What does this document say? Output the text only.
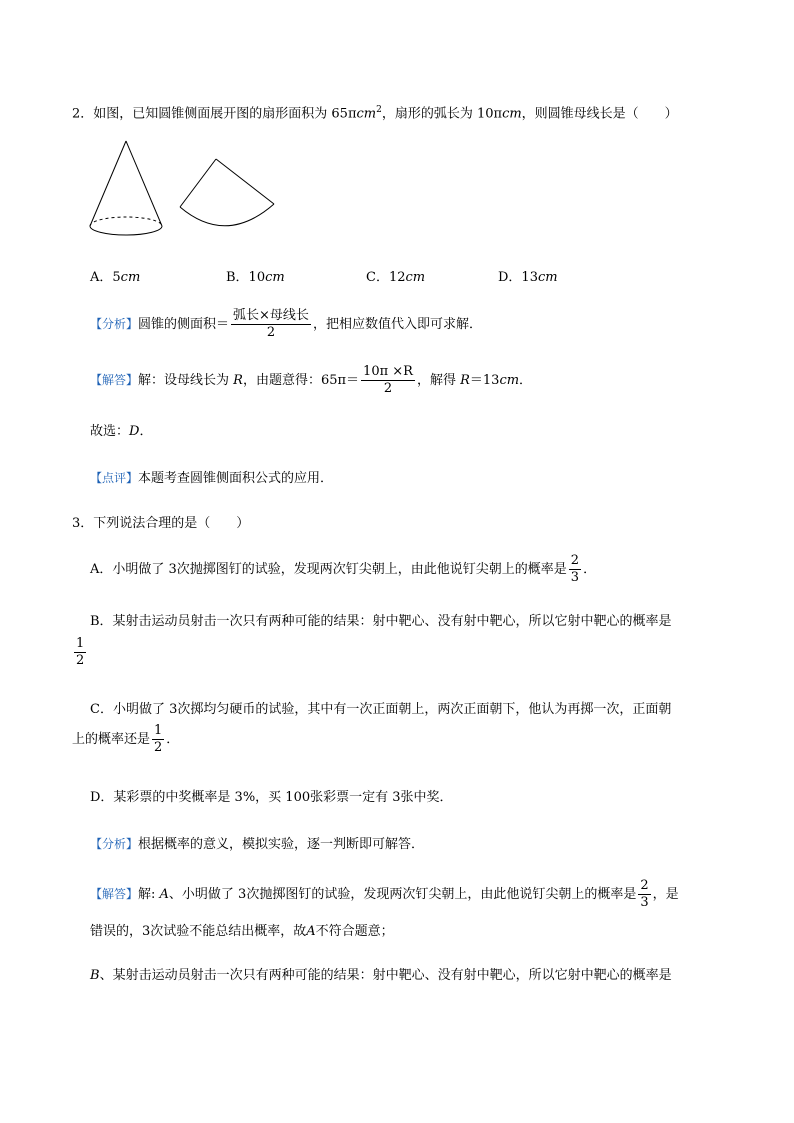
2．如图，已知圆锥侧面展开图的扇形面积为 65πcm$^2$，扇形的弧长为 10πcm，则圆锥母线长是（　　）
A．5cm	B．10cm	C．12cm	D．13cm
【分析】圆锥的侧面积＝ $\frac{\text{弧长×母线长}}{2}$ ，把相应数值代入即可求解．
【解答】解：设母线长为 R，由题意得：$65\pi= \frac{10\pi \times R}{2}$ ，解得 R＝13cm．
故选：D．
【点评】本题考查圆锥侧面积公式的应用．
3．下列说法合理的是（　　）
A．小明做了 3次抛掷图钉的试验，发现两次钉尖朝上，由此他说钉尖朝上的概率是 $\frac{2}{3}$ ．
B．某射击运动员射击一次只有两种可能的结果：射中靶心、没有射中靶心，所以它射中靶心的概率是
$\frac{1}{2}$
C．小明做了 3次掷均匀硬币的试验，其中有一次正面朝上，两次正面朝下，他认为再掷一次，正面朝
上的概率还是 $\frac{1}{2}$ ．
D．某彩票的中奖概率是 3%，买 100张彩票一定有 3张中奖．
【分析】根据概率的意义，模拟实验，逐一判断即可解答．
【解答】解: A、小明做了 3次抛掷图钉的试验，发现两次钉尖朝上，由此他说钉尖朝上的概率是 $\frac{2}{3}$ ，是
错误的，3次试验不能总结出概率，故A不符合题意；
B、某射击运动员射击一次只有两种可能的结果：射中靶心、没有射中靶心，所以它射中靶心的概率是
